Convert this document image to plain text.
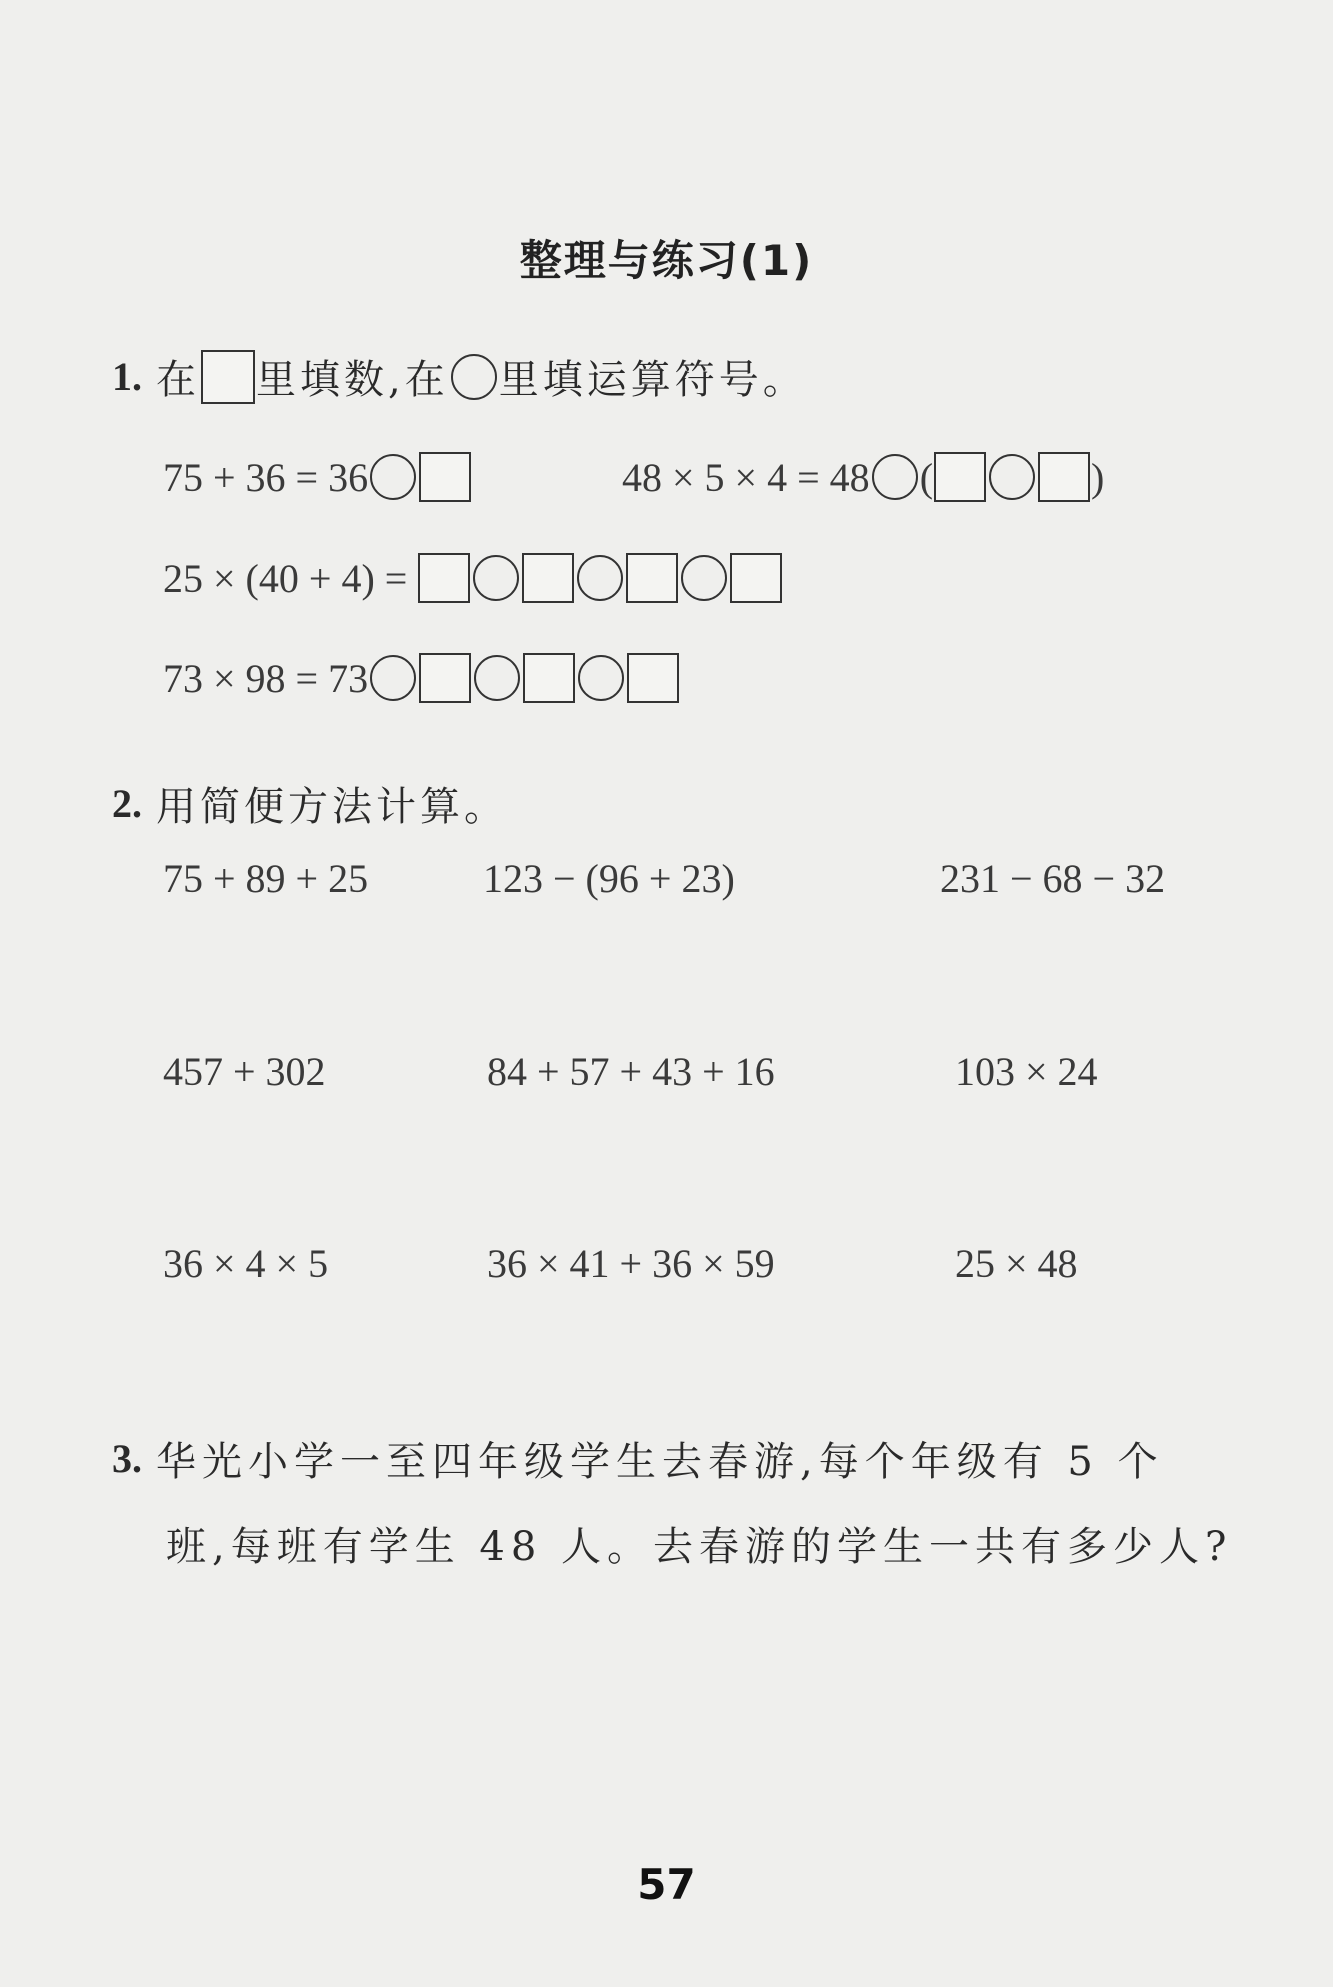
整理与练习(1)
1. 在 里填数,在 里填运算符号。
75 + 36 = 36	48 × 5 × 4 = 48 (	)
25 × (40 + 4) =
73 × 98 = 73
2. 用简便方法计算。
75 + 89 + 25	123 − (96 + 23)	231 − 68 − 32
457 + 302	84 + 57 + 43 + 16	103 × 24
36 × 4 × 5	36 × 41 + 36 × 59	25 × 48
3. 华光小学一至四年级学生去春游,每个年级有 5 个
班,每班有学生 48 人。去春游的学生一共有多少人?
57
